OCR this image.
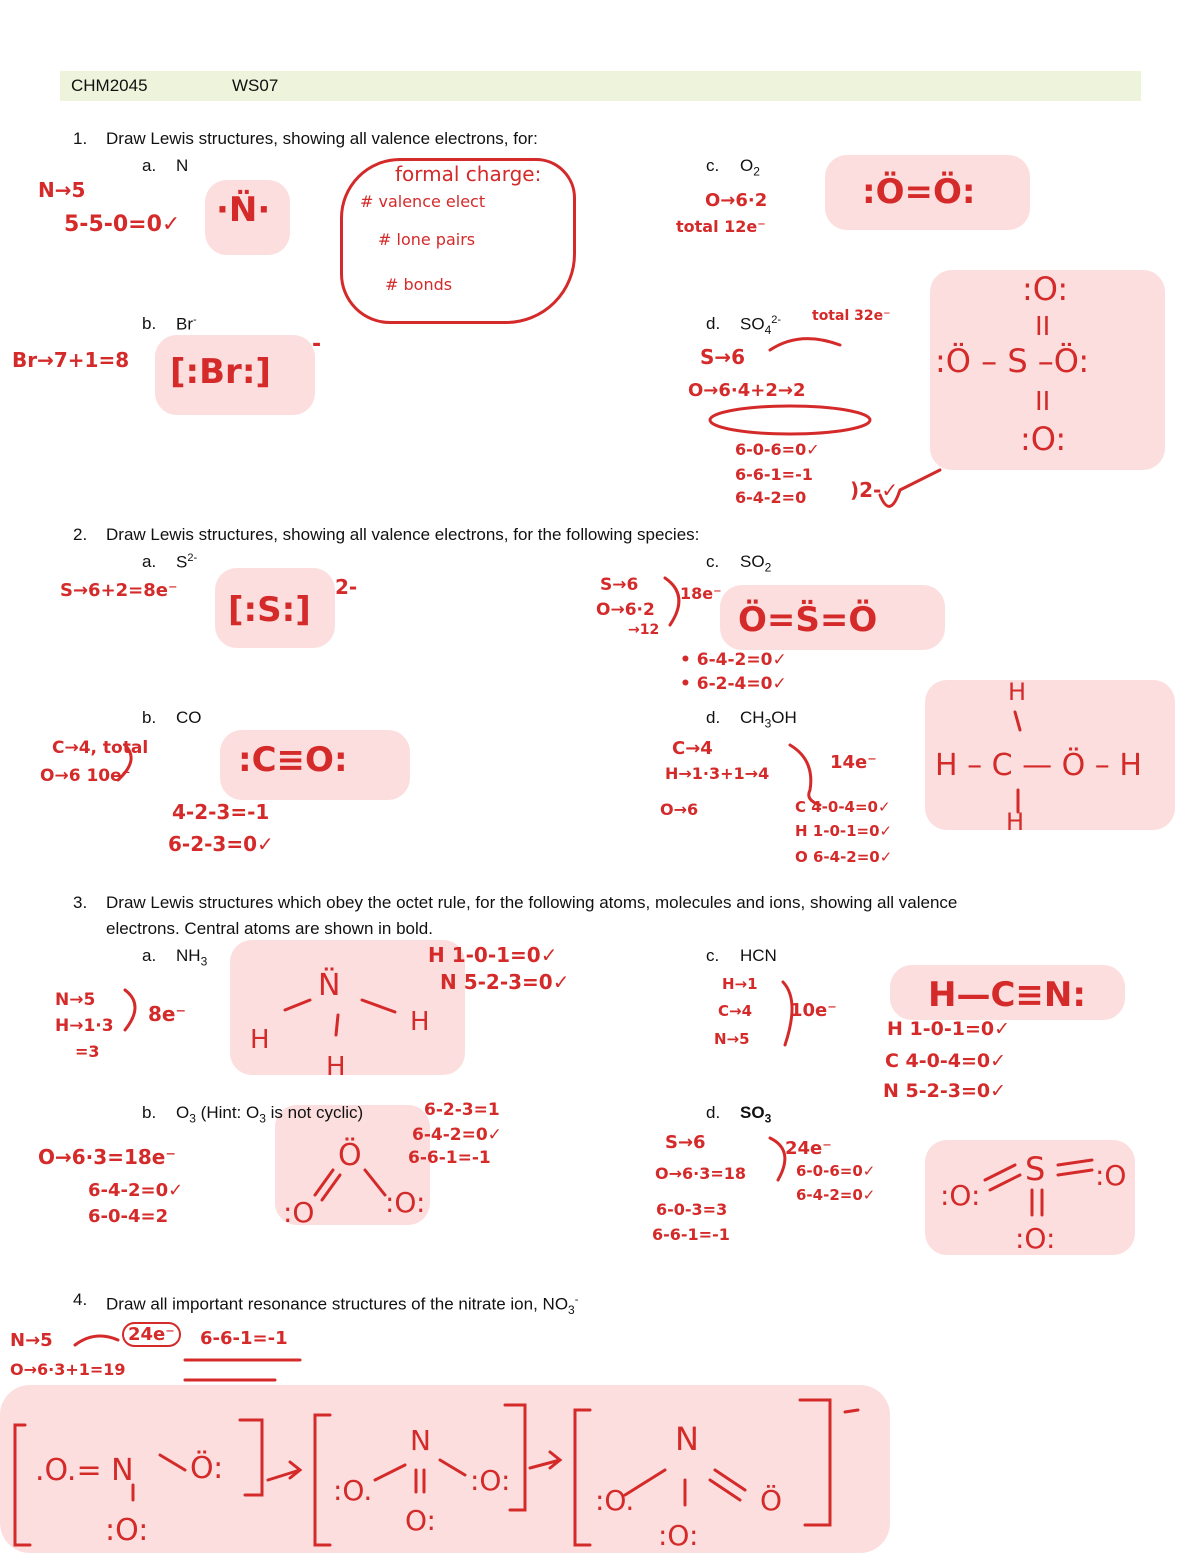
CHM2045	WS07
1. Draw Lewis structures, showing all valence electrons, for:
a. N
b. Br-
c. $O_2$
d. $SO_4^{2-}$
N→5
5-5-0=0✓ ·N̈·
Br→7+1=8 [:Br:]
-
O→6·2
total 12e⁻
:Ö=Ö:
formal charge:
# valence elect
# lone pairs
# bonds
S→6
O→6·4+2→2
total 32e⁻
6-0-6=0✓
6-6-1=-1
6-4-2=0 )2-✓
2. Draw Lewis structures, showing all valence electrons, for the following species:
a. $S^{2-}$	c. $SO_2$
b. CO	d. $CH_3OH$
S→6+2=8e⁻ [:S:]
2-	S→6
O→6·2
→12
18e⁻
Ö=S̈=Ö
• 6-4-2=0✓
• 6-2-4=0✓
C→4, total
O→6 10e⁻	:C≡O:
4-2-3=-1
6-2-3=0✓
C→4
H→1·3+1→4
O→6
14e⁻
C 4-0-4=0✓
H 1-0-1=0✓
O 6-4-2=0✓
3. Draw Lewis structures which obey the octet rule, for the following atoms, molecules and ions, showing all valence
electrons. Central atoms are shown in bold.
a. $NH_3$	c. HCN
b. $O_3$ (Hint: $O_3$ is not cyclic)	d. $SO_3$
N→5
H→1·3
=3
8e⁻
H 1-0-1=0✓
N 5-2-3=0✓	H→1
C→4
N→5
10e⁻	H—C≡N:
H 1-0-1=0✓
C 4-0-4=0✓
N 5-2-3=0✓
O→6·3=18e⁻
6-4-2=0✓
6-0-4=2
6-2-3=1
6-4-2=0✓
6-6-1=-1
S→6
O→6·3=18
24e⁻
6-0-6=0✓
6-4-2=0✓
6-0-3=3
6-6-1=-1
4. Draw all important resonance structures of the nitrate ion, $NO_3^-$
N→5
O→6·3+1=19
24e⁻	6-6-1=-1
:O:
II
:Ö – S –Ö:
II
:O:
H
H – C — Ö – H
H
N̈
H
H
H
Ö
:O	:O:
S
:O:
:O
:O:
.O.= N Ö:
:O:
N
:O.	:O:
O:
N
:O.	Ö
:O:
